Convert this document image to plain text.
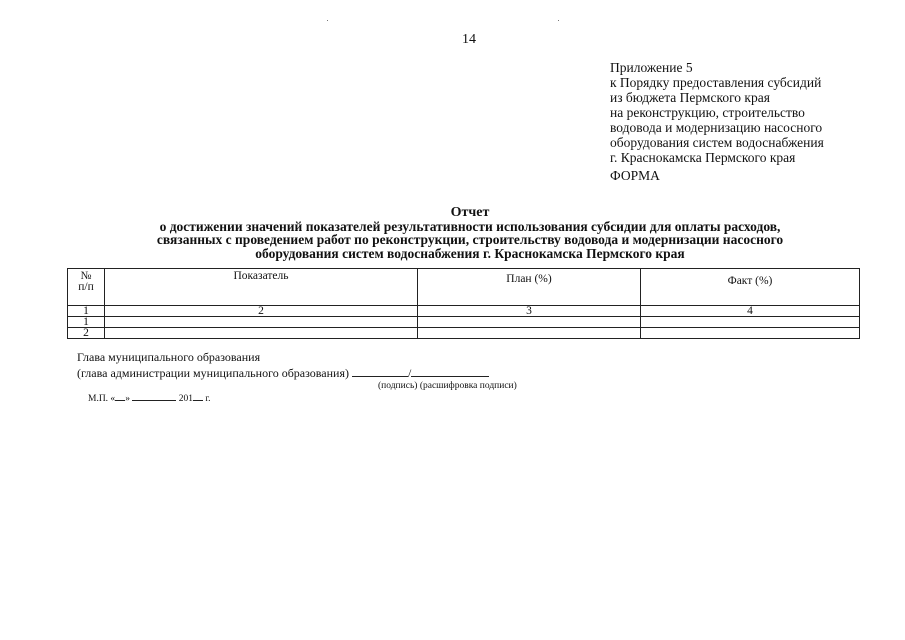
14
Приложение 5
к Порядку предоставления субсидий
из бюджета Пермского края
на реконструкцию, строительство
водовода и модернизацию насосного
оборудования систем водоснабжения
г. Краснокамска Пермского края
ФОРМА
Отчет
о достижении значений показателей результативности использования субсидии для оплаты расходов,
связанных с проведением работ по реконструкции, строительству водовода и модернизации насосного
оборудования систем водоснабжения г. Краснокамска Пермского края
№
п/п	Показатель	План (%)	Факт (%)
1	2	3	4
1			
2			
Глава муниципального образования
(глава администрации муниципального образования)	/
(подпись) (расшифровка подписи)
М.П. « »	201 г.
